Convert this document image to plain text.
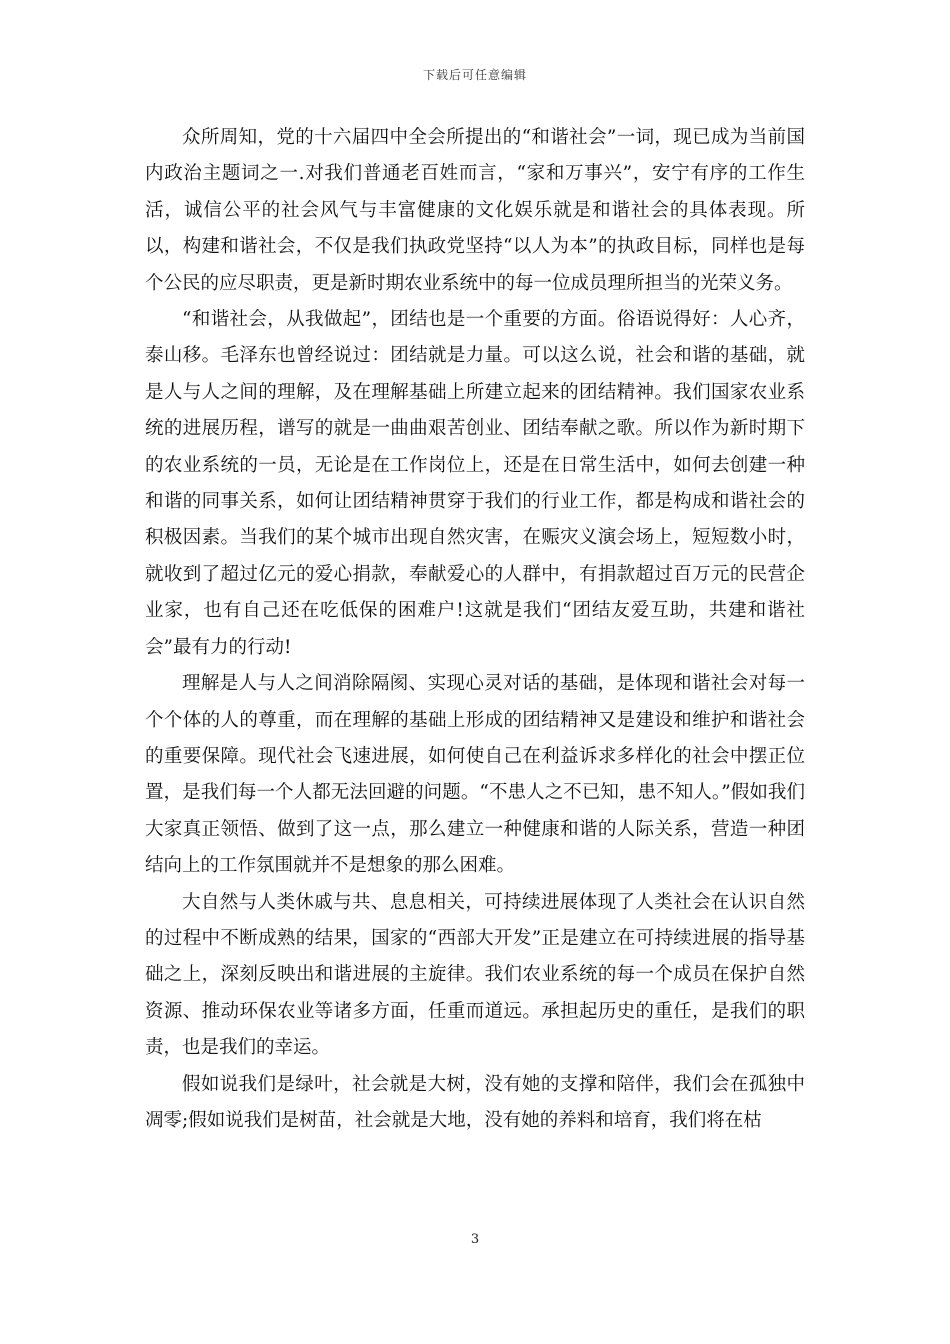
下载后可任意编辑

众所周知，党的十六届四中全会所提出的“和谐社会”一词，现已成为当前国内政治主题词之一.对我们普通老百姓而言，“家和万事兴”，安宁有序的工作生活，诚信公平的社会风气与丰富健康的文化娱乐就是和谐社会的具体表现。所以，构建和谐社会，不仅是我们执政党坚持“以人为本”的执政目标，同样也是每个公民的应尽职责，更是新时期农业系统中的每一位成员理所担当的光荣义务。

“和谐社会，从我做起”，团结也是一个重要的方面。俗语说得好：人心齐，泰山移。毛泽东也曾经说过：团结就是力量。可以这么说，社会和谐的基础，就是人与人之间的理解，及在理解基础上所建立起来的团结精神。我们国家农业系统的进展历程，谱写的就是一曲曲艰苦创业、团结奉献之歌。所以作为新时期下的农业系统的一员，无论是在工作岗位上，还是在日常生活中，如何去创建一种和谐的同事关系，如何让团结精神贯穿于我们的行业工作，都是构成和谐社会的积极因素。当我们的某个城市出现自然灾害，在赈灾义演会场上，短短数小时，就收到了超过亿元的爱心捐款，奉献爱心的人群中，有捐款超过百万元的民营企业家，也有自己还在吃低保的困难户!这就是我们“团结友爱互助，共建和谐社会”最有力的行动!

理解是人与人之间消除隔阂、实现心灵对话的基础，是体现和谐社会对每一个个体的人的尊重，而在理解的基础上形成的团结精神又是建设和维护和谐社会的重要保障。现代社会飞速进展，如何使自己在利益诉求多样化的社会中摆正位置，是我们每一个人都无法回避的问题。“不患人之不已知，患不知人。”假如我们大家真正领悟、做到了这一点，那么建立一种健康和谐的人际关系，营造一种团结向上的工作氛围就并不是想象的那么困难。

大自然与人类休戚与共、息息相关，可持续进展体现了人类社会在认识自然的过程中不断成熟的结果，国家的“西部大开发”正是建立在可持续进展的指导基础之上，深刻反映出和谐进展的主旋律。我们农业系统的每一个成员在保护自然资源、推动环保农业等诸多方面，任重而道远。承担起历史的重任，是我们的职责，也是我们的幸运。

假如说我们是绿叶，社会就是大树，没有她的支撑和陪伴，我们会在孤独中凋零;假如说我们是树苗，社会就是大地，没有她的养料和培育，我们将在枯

3
